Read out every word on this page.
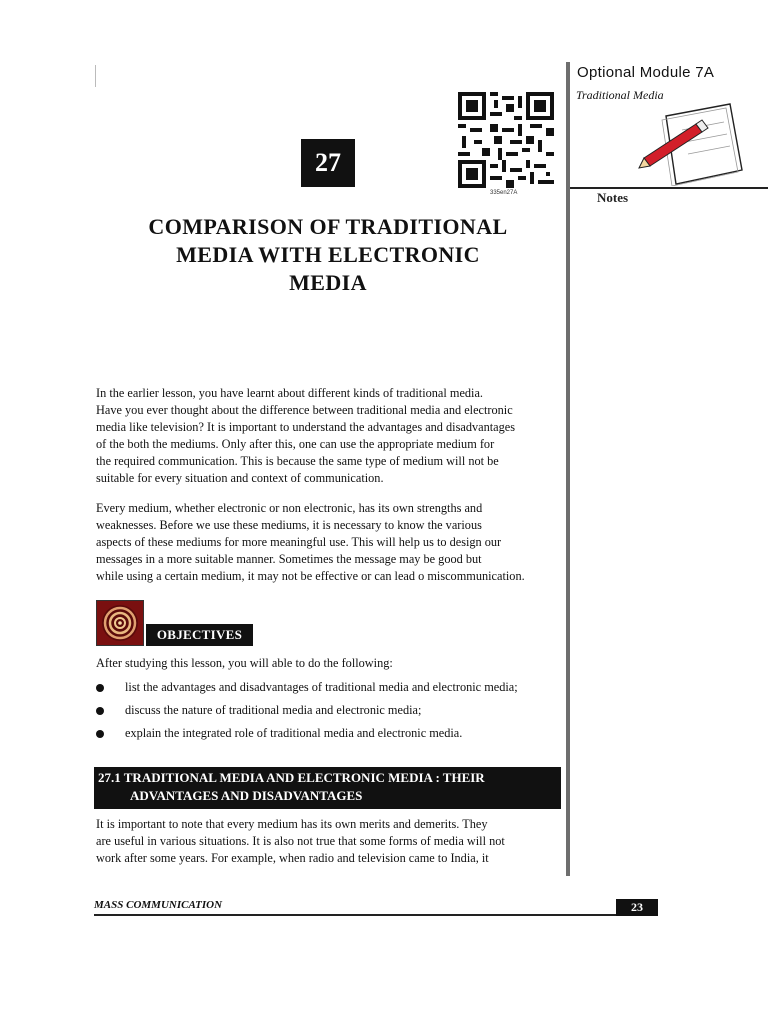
Optional Module 7A
Traditional Media
Notes
27
335en27A
COMPARISON OF TRADITIONAL
MEDIA WITH ELECTRONIC
MEDIA
In the earlier lesson, you have learnt about different kinds of traditional media.
Have you ever thought about the difference between traditional media and electronic
media like television? It is important to understand the advantages and disadvantages
of the both the mediums. Only after this, one can use the appropriate medium for
the required communication. This is because the same type of medium will not be
suitable for every situation and context of communication.
Every medium, whether electronic or non electronic, has its own strengths and
weaknesses. Before we use these mediums, it is necessary to know the various
aspects of these mediums for more meaningful use. This will help us to design our
messages in a more suitable manner. Sometimes the message may be good but
while using a certain medium, it may not be effective or can lead o miscommunication.
OBJECTIVES
After studying this lesson, you will able to do the following:
list the advantages and disadvantages of traditional media and electronic media;
discuss the nature of traditional media and electronic media;
explain the integrated role of traditional media and electronic media.
27.1 TRADITIONAL MEDIA AND ELECTRONIC MEDIA : THEIR
ADVANTAGES AND DISADVANTAGES
It is important to note that every medium has its own merits and demerits. They
are useful in various situations. It is also not true that some forms of media will not
work after some years. For example, when radio and television came to India, it
MASS COMMUNICATION	23
